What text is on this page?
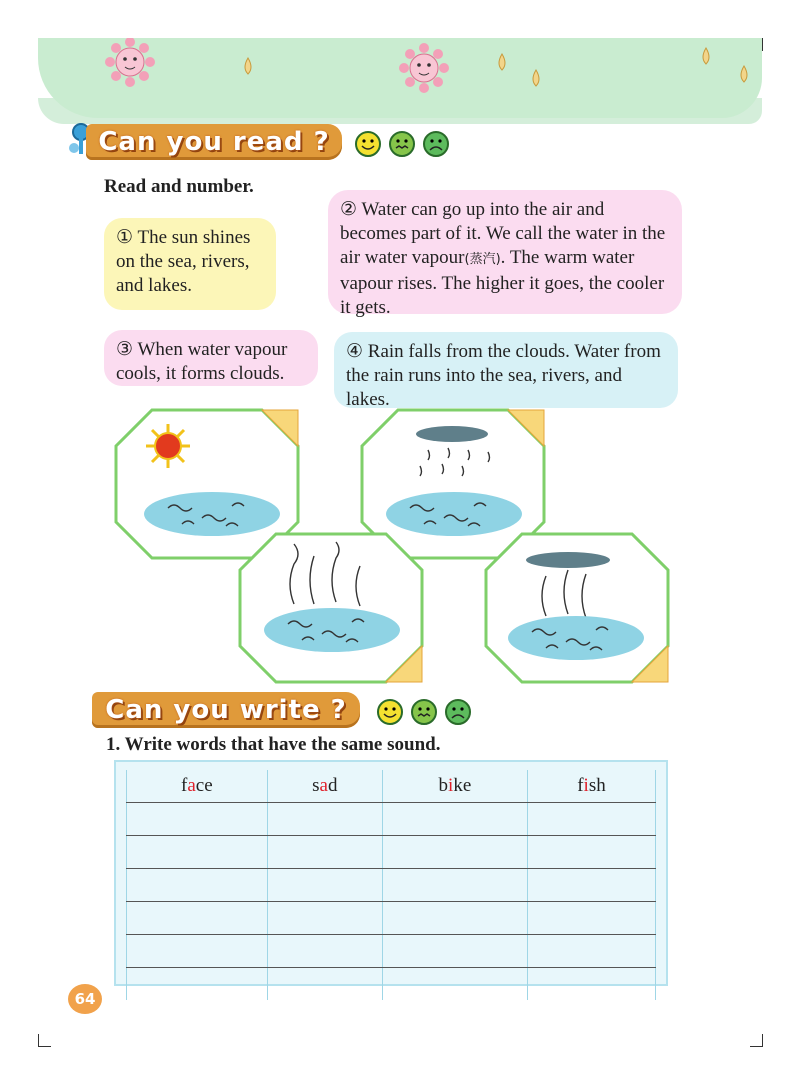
Can you read ?
Read and number.
① The sun shines on the sea, rivers, and lakes.
② Water can go up into the air and becomes part of it. We call the water in the air water vapour(蒸汽). The warm water vapour rises. The higher it goes, the cooler it gets.
③ When water vapour cools, it forms clouds.
④ Rain falls from the clouds. Water from the rain runs into the sea, rivers, and lakes.
Can you write ?
1. Write words that have the same sound.
face	sad	bike	fish

64
